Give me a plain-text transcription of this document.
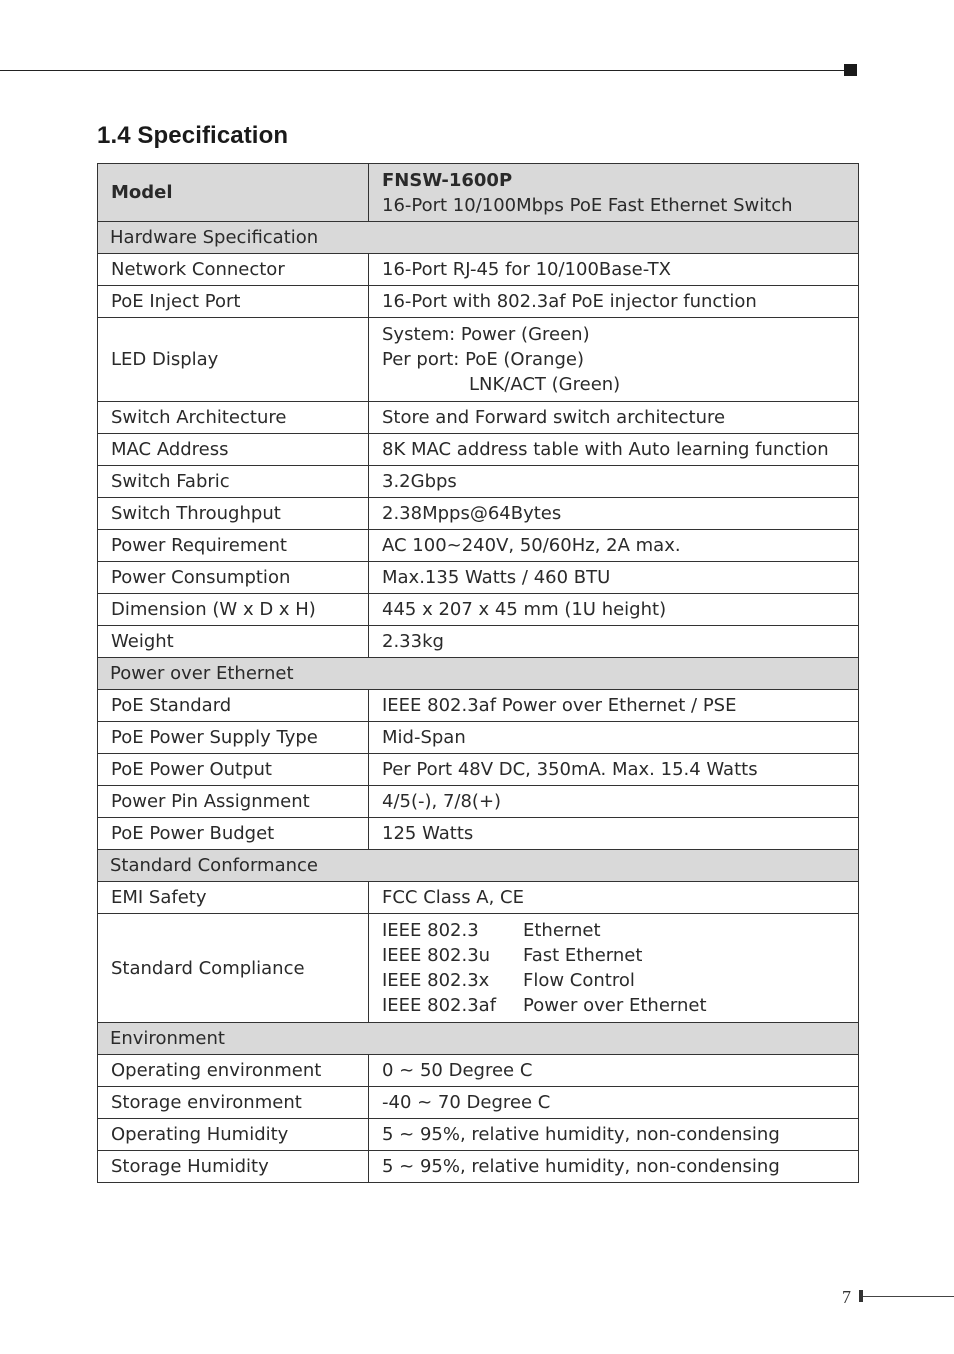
1.4 Specification
Model	FNSW-1600P
16-Port 10/100Mbps PoE Fast Ethernet Switch

Hardware Specification	
Network Connector	16-Port RJ-45 for 10/100Base-TX
PoE Inject Port	16-Port with 802.3af PoE injector function
LED Display	System: Power (Green)
Per port: PoE (Orange)
LNK/ACT (Green)

Switch Architecture	Store and Forward switch architecture
MAC Address	8K MAC address table with Auto learning function
Switch Fabric	3.2Gbps
Switch Throughput	2.38Mpps@64Bytes
Power Requirement	AC 100~240V, 50/60Hz, 2A max.
Power Consumption	Max.135 Watts / 460 BTU
Dimension (W x D x H)	445 x 207 x 45 mm (1U height)
Weight	2.33kg
Power over Ethernet	
PoE Standard	IEEE 802.3af Power over Ethernet / PSE
PoE Power Supply Type	Mid-Span
PoE Power Output	Per Port 48V DC, 350mA. Max. 15.4 Watts
Power Pin Assignment	4/5(-), 7/8(+)
PoE Power Budget	125 Watts
Standard Conformance	
EMI Safety	FCC Class A, CE
Standard Compliance	IEEE 802.3 Ethernet
IEEE 802.3u Fast Ethernet
IEEE 802.3x Flow Control
IEEE 802.3af Power over Ethernet

Environment	
Operating environment	0 ~ 50 Degree C
Storage environment	-40 ~ 70 Degree C
Operating Humidity	5 ~ 95%, relative humidity, non-condensing
Storage Humidity	5 ~ 95%, relative humidity, non-condensing
7
